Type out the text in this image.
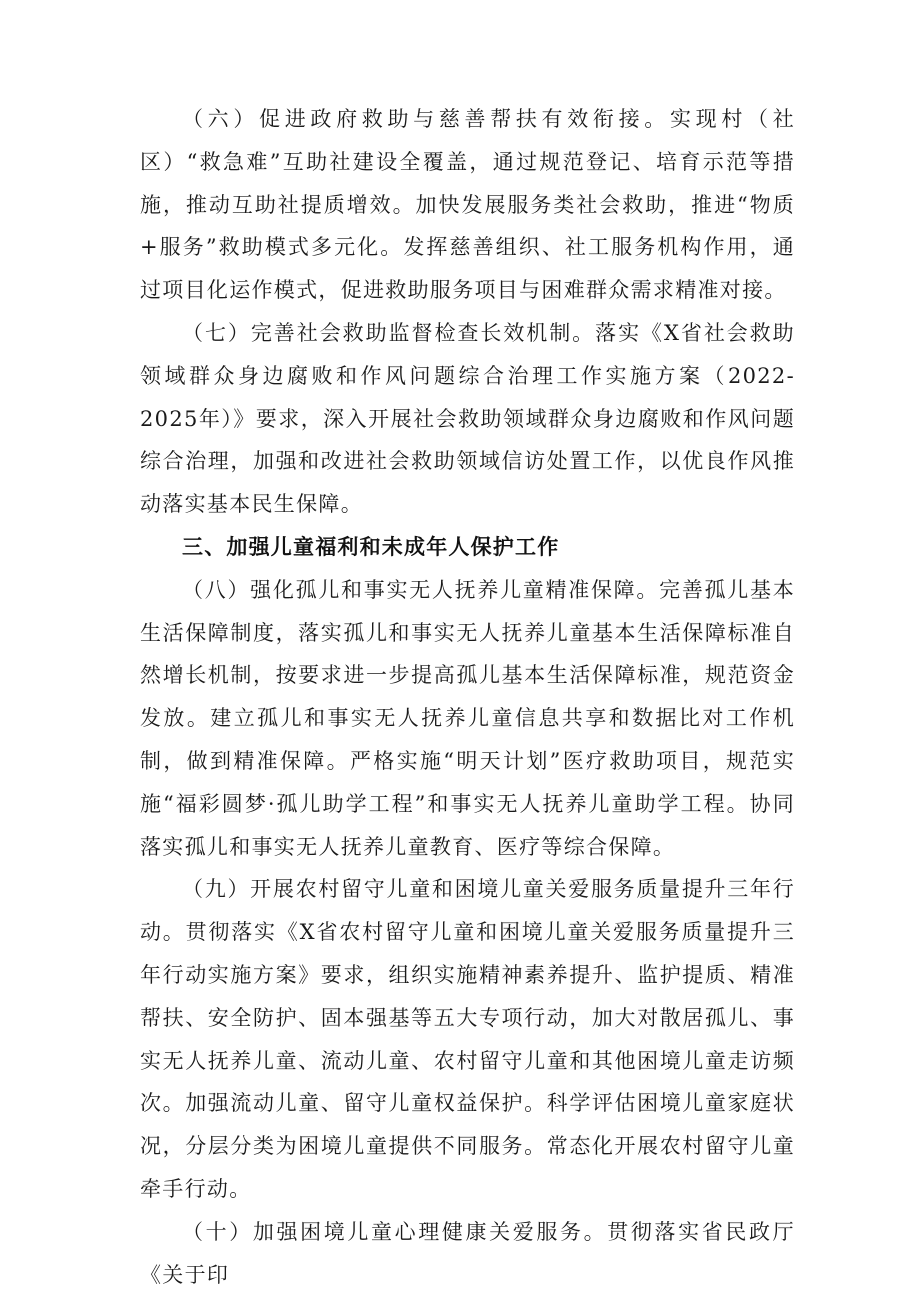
（六）促进政府救助与慈善帮扶有效衔接。实现村（社区）“救急难”互助社建设全覆盖，通过规范登记、培育示范等措施，推动互助社提质增效。加快发展服务类社会救助，推进“物质+服务”救助模式多元化。发挥慈善组织、社工服务机构作用，通过项目化运作模式，促进救助服务项目与困难群众需求精准对接。

（七）完善社会救助监督检查长效机制。落实《X省社会救助领域群众身边腐败和作风问题综合治理工作实施方案（2022-2025年）》要求，深入开展社会救助领域群众身边腐败和作风问题综合治理，加强和改进社会救助领域信访处置工作，以优良作风推动落实基本民生保障。

三、加强儿童福利和未成年人保护工作

（八）强化孤儿和事实无人抚养儿童精准保障。完善孤儿基本生活保障制度，落实孤儿和事实无人抚养儿童基本生活保障标准自然增长机制，按要求进一步提高孤儿基本生活保障标准，规范资金发放。建立孤儿和事实无人抚养儿童信息共享和数据比对工作机制，做到精准保障。严格实施“明天计划”医疗救助项目，规范实施“福彩圆梦·孤儿助学工程”和事实无人抚养儿童助学工程。协同落实孤儿和事实无人抚养儿童教育、医疗等综合保障。

（九）开展农村留守儿童和困境儿童关爱服务质量提升三年行动。贯彻落实《X省农村留守儿童和困境儿童关爱服务质量提升三年行动实施方案》要求，组织实施精神素养提升、监护提质、精准帮扶、安全防护、固本强基等五大专项行动，加大对散居孤儿、事实无人抚养儿童、流动儿童、农村留守儿童和其他困境儿童走访频次。加强流动儿童、留守儿童权益保护。科学评估困境儿童家庭状况，分层分类为困境儿童提供不同服务。常态化开展农村留守儿童牵手行动。

（十）加强困境儿童心理健康关爱服务。贯彻落实省民政厅《关于印
